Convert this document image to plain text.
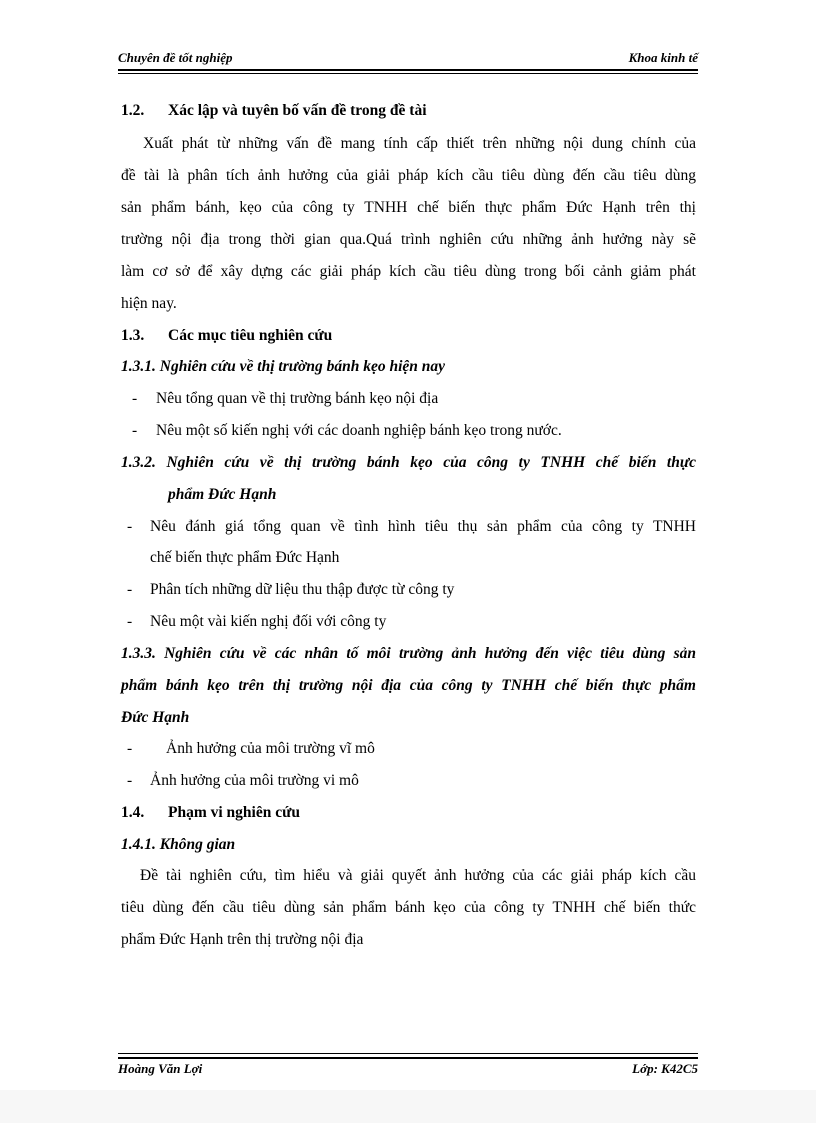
Chuyên đề tốt nghiệp	Khoa kinh tế
1.2. Xác lập và tuyên bố vấn đề trong đề tài
Xuất phát từ những vấn đề mang tính cấp thiết trên những nội dung chính của
đề tài là phân tích ảnh hưởng của giải pháp kích cầu tiêu dùng đến cầu tiêu dùng
sản phẩm bánh, kẹo của công ty TNHH chế biến thực phẩm Đức Hạnh trên thị
trường nội địa trong thời gian qua.Quá trình nghiên cứu những ảnh hưởng này sẽ
làm cơ sở để xây dựng các giải pháp kích cầu tiêu dùng trong bối cảnh giảm phát
hiện nay.
1.3. Các mục tiêu nghiên cứu
1.3.1. Nghiên cứu về thị trường bánh kẹo hiện nay
- Nêu tổng quan về thị trường bánh kẹo nội địa
- Nêu một số kiến nghị với các doanh nghiệp bánh kẹo trong nước.
1.3.2. Nghiên cứu về thị trường bánh kẹo của công ty TNHH chế biến thực
phẩm Đức Hạnh
- Nêu đánh giá tổng quan về tình hình tiêu thụ sản phẩm của công ty TNHH
chế biến thực phẩm Đức Hạnh
- Phân tích những dữ liệu thu thập được từ công ty
- Nêu một vài kiến nghị đối với công ty
1.3.3. Nghiên cứu về các nhân tố môi trường ảnh hưởng đến việc tiêu dùng sản
phẩm bánh kẹo trên thị trường nội địa của công ty TNHH chế biến thực phẩm
Đức Hạnh
- Ảnh hưởng của môi trường vĩ mô
- Ảnh hưởng của môi trường vi mô
1.4. Phạm vi nghiên cứu
1.4.1. Không gian
Đề tài nghiên cứu, tìm hiểu và giải quyết ảnh hưởng của các giải pháp kích cầu
tiêu dùng đến cầu tiêu dùng sản phẩm bánh kẹo của công ty TNHH chế biến thức
phẩm Đức Hạnh trên thị trường nội địa
Hoàng Văn Lợi	Lớp: K42C5
